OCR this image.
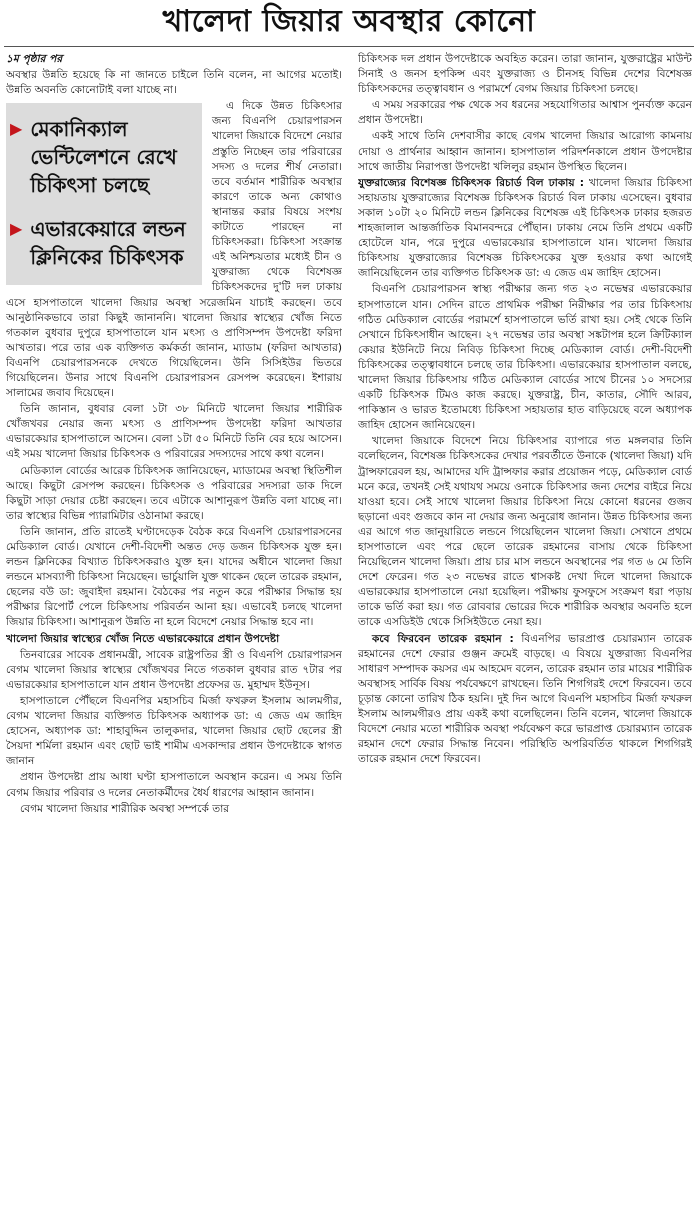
খালেদা জিয়ার অবস্থার কোনো

১ম পৃষ্ঠার পর

অবস্থার উন্নতি হয়েছে কি না জানতে চাইলে তিনি বলেন, না আগের মতোই। উন্নতি অবনতি কোনোটাই বলা যাচ্ছে না।

▶ মেকানিক্যাল ভেন্টিলেশনে রেখে চিকিৎসা চলছে
▶ এভারকেয়ারে লন্ডন ক্লিনিকের চিকিৎসক

এ দিকে উন্নত চিকিৎসার জন্য বিএনপি চেয়ারপারসন খালেদা জিয়াকে বিদেশে নেয়ার প্রস্তুতি নিচ্ছেন তার পরিবারের সদস্য ও দলের শীর্ষ নেতারা। তবে বর্তমান শারীরিক অবস্থার কারণে তাকে অন্য কোথাও স্থানান্তর করার বিষয়ে সংশয় কাটাতে পারছেন না চিকিৎসকরা। চিকিৎসা সংক্রান্ত এই অনিশ্চয়তার মধ্যেই চীন ও যুক্তরাজ্য থেকে বিশেষজ্ঞ চিকিৎসকদের দু'টি দল ঢাকায় এসে হাসপাতালে খালেদা জিয়ার অবস্থা সরেজমিন যাচাই করছেন। তবে আনুষ্ঠানিকভাবে তারা কিছুই জানাননি। খালেদা জিয়ার স্বাস্থ্যের খোঁজ নিতে গতকাল বুধবার দুপুরে হাসপাতালে যান মৎস্য ও প্রাণিসম্পদ উপদেষ্টা ফরিদা আখতার। পরে তার এক ব্যক্তিগত কর্মকর্তা জানান, ম্যাডাম (ফরিদা আখতার) বিএনপি চেয়ারপারসনকে দেখতে গিয়েছিলেন। উনি সিসিইউর ভিতরে গিয়েছিলেন। উনার সাথে বিএনপি চেয়ারপারসন রেসপন্স করেছেন। ইশারায় সালামের জবাব দিয়েছেন।

তিনি জানান, বুধবার বেলা ১টা ৩৮ মিনিটে খালেদা জিয়ার শারীরিক খোঁজখবর নেয়ার জন্য মৎস্য ও প্রাণিসম্পদ উপদেষ্টা ফরিদা আখতার এভারকেয়ার হাসপাতালে আসেন। বেলা ১টা ৫০ মিনিটে তিনি বের হয়ে আসেন। এই সময় খালেদা জিয়ার চিকিৎসক ও পরিবারের সদস্যদের সাথে কথা বলেন।

মেডিক্যাল বোর্ডের আরেক চিকিৎসক জানিয়েছেন, ম্যাডামের অবস্থা স্থিতিশীল আছে। কিছুটা রেসপন্স করছেন। চিকিৎসক ও পরিবারের সদস্যরা ডাক দিলে কিছুটা সাড়া দেয়ার চেষ্টা করছেন। তবে এটাকে আশানুরূপ উন্নতি বলা যাচ্ছে না। তার স্বাস্থ্যের বিভিন্ন প্যারামিটার ওঠানামা করছে।

তিনি জানান, প্রতি রাতেই ঘণ্টাদেড়েক বৈঠক করে বিএনপি চেয়ারপারসনের মেডিক্যাল বোর্ড। যেখানে দেশী-বিদেশী অন্তত দেড় ডজন চিকিৎসক যুক্ত হন। লন্ডন ক্লিনিকের বিখ্যাত চিকিৎসকরাও যুক্ত হন। যাদের অধীনে খালেদা জিয়া লন্ডনে মাসব্যাপী চিকিৎসা নিয়েছেন। ভার্চুয়ালি যুক্ত থাকেন ছেলে তারেক রহমান, ছেলের বউ ডা: জুবাইদা রহমান। বৈঠকের পর নতুন করে পরীক্ষার সিদ্ধান্ত হয় পরীক্ষার রিপোর্ট পেলে চিকিৎসায় পরিবর্তন আনা হয়। এভাবেই চলছে খালেদা জিয়ার চিকিৎসা। আশানুরূপ উন্নতি না হলে বিদেশে নেয়ার সিদ্ধান্ত হবে না।

খালেদা জিয়ার স্বাস্থ্যের খোঁজ নিতে এভারকেয়ারে প্রধান উপদেষ্টা

তিনবারের সাবেক প্রধানমন্ত্রী, সাবেক রাষ্ট্রপতির স্ত্রী ও বিএনপি চেয়ারপারসন বেগম খালেদা জিয়ার স্বাস্থ্যের খোঁজখবর নিতে গতকাল বুধবার রাত ৭টার পর এভারকেয়ার হাসপাতালে যান প্রধান উপদেষ্টা প্রফেসর ড. মুহাম্মদ ইউনূস।

হাসপাতালে পৌঁছলে বিএনপির মহাসচিব মির্জা ফখরুল ইসলাম আলমগীর, বেগম খালেদা জিয়ার ব্যক্তিগত চিকিৎসক অধ্যাপক ডা: এ জেড এম জাহিদ হোসেন, অধ্যাপক ডা: শাহাবুদ্দিন তালুকদার, খালেদা জিয়ার ছোট ছেলের স্ত্রী সৈয়দা শর্মিলা রহমান এবং ছোট ভাই শামীম এসকান্দার প্রধান উপদেষ্টাকে স্বাগত জানান

প্রধান উপদেষ্টা প্রায় আধা ঘণ্টা হাসপাতালে অবস্থান করেন। এ সময় তিনি বেগম জিয়ার পরিবার ও দলের নেতাকর্মীদের ধৈর্য ধারণের আহ্বান জানান।

বেগম খালেদা জিয়ার শারীরিক অবস্থা সম্পর্কে তার

চিকিৎসক দল প্রধান উপদেষ্টাকে অবহিত করেন। তারা জানান, যুক্তরাষ্ট্রের মাউন্ট সিনাই ও জনস হপকিন্স এবং যুক্তরাজ্য ও চীনসহ বিভিন্ন দেশের বিশেষজ্ঞ চিকিৎসকদের তত্ত্বাবধান ও পরামর্শে বেগম জিয়ার চিকিৎসা চলছে।

এ সময় সরকারের পক্ষ থেকে সব ধরনের সহযোগিতার আশ্বাস পুনর্ব্যক্ত করেন প্রধান উপদেষ্টা।

একই সাথে তিনি দেশবাসীর কাছে বেগম খালেদা জিয়ার আরোগ্য কামনায় দোয়া ও প্রার্থনার আহ্বান জানান। হাসপাতাল পরিদর্শনকালে প্রধান উপদেষ্টার সাথে জাতীয় নিরাপত্তা উপদেষ্টা খলিলুর রহমান উপস্থিত ছিলেন।

যুক্তরাজ্যের বিশেষজ্ঞ চিকিৎসক রিচার্ড বিল ঢাকায় : খালেদা জিয়ার চিকিৎসা সহায়তায় যুক্তরাজ্যের বিশেষজ্ঞ চিকিৎসক রিচার্ড বিল ঢাকায় এসেছেন। বুধবার সকাল ১০টা ২০ মিনিটে লন্ডন ক্লিনিকের বিশেষজ্ঞ এই চিকিৎসক ঢাকার হজরত শাহজালাল আন্তর্জাতিক বিমানবন্দরে পৌঁছান। ঢাকায় নেমে তিনি প্রথমে একটি হোটেলে যান, পরে দুপুরে এভারকেয়ার হাসপাতালে যান। খালেদা জিয়ার চিকিৎসায় যুক্তরাজ্যের বিশেষজ্ঞ চিকিৎসকের যুক্ত হওয়ার কথা আগেই জানিয়েছিলেন তার ব্যক্তিগত চিকিৎসক ডা: এ জেড এম জাহিদ হোসেন।

বিএনপি চেয়ারপারসন স্বাস্থ্য পরীক্ষার জন্য গত ২৩ নভেম্বর এভারকেয়ার হাসপাতালে যান। সেদিন রাতে প্রাথমিক পরীক্ষা নিরীক্ষার পর তার চিকিৎসায় গঠিত মেডিক্যাল বোর্ডের পরামর্শে হাসপাতালে ভর্তি রাখা হয়। সেই থেকে তিনি সেখানে চিকিৎসাধীন আছেন। ২৭ নভেম্বর তার অবস্থা সঙ্কটাপন্ন হলে ক্রিটিক্যাল কেয়ার ইউনিটে নিয়ে নিবিড় চিকিৎসা দিচ্ছে মেডিক্যাল বোর্ড। দেশী-বিদেশী চিকিৎসকের তত্ত্বাবধানে চলছে তার চিকিৎসা। এভারকেয়ার হাসপাতাল বলছে, খালেদা জিয়ার চিকিৎসায় গঠিত মেডিক্যাল বোর্ডের সাথে চীনের ১০ সদস্যের একটি চিকিৎসক টিমও কাজ করছে। যুক্তরাষ্ট্র, চীন, কাতার, সৌদি আরব, পাকিস্তান ও ভারত ইতোমধ্যে চিকিৎসা সহায়তার হাত বাড়িয়েছে বলে অধ্যাপক জাহিদ হোসেন জানিয়েছেন।

খালেদা জিয়াকে বিদেশে নিয়ে চিকিৎসার ব্যাপারে গত মঙ্গলবার তিনি বলেছিলেন, বিশেষজ্ঞ চিকিৎসকের দেখার পরবর্তীতে উনাকে (খালেদা জিয়া) যদি ট্রান্সফারেবল হয়, আমাদের যদি ট্রান্সফার করার প্রয়োজন পড়ে, মেডিক্যাল বোর্ড মনে করে, তখনই সেই যথাযথ সময়ে ওনাকে চিকিৎসার জন্য দেশের বাইরে নিয়ে যাওয়া হবে। সেই সাথে খালেদা জিয়ার চিকিৎসা নিয়ে কোনো ধরনের গুজব ছড়ানো এবং গুজবে কান না দেয়ার জন্য অনুরোধ জানান। উন্নত চিকিৎসার জন্য এর আগে গত জানুয়ারিতে লন্ডনে গিয়েছিলেন খালেদা জিয়া। সেখানে প্রথমে হাসপাতালে এবং পরে ছেলে তারেক রহমানের বাসায় থেকে চিকিৎসা নিয়েছিলেন খালেদা জিয়া। প্রায় চার মাস লন্ডনে অবস্থানের পর গত ৬ মে তিনি দেশে ফেরেন। গত ২৩ নভেম্বর রাতে শ্বাসকষ্ট দেখা দিলে খালেদা জিয়াকে এভারকেয়ার হাসপাতালে নেয়া হয়েছিল। পরীক্ষায় ফুসফুসে সংক্রমণ ধরা পড়ায় তাকে ভর্তি করা হয়। গত রোববার ভোরের দিকে শারীরিক অবস্থার অবনতি হলে তাকে এসডিইউ থেকে সিসিইউতে নেয়া হয়।

কবে ফিরবেন তারেক রহমান : বিএনপির ভারপ্রাপ্ত চেয়ারম্যান তারেক রহমানের দেশে ফেরার গুঞ্জন ক্রমেই বাড়ছে। এ বিষয়ে যুক্তরাজ্য বিএনপির সাধারণ সম্পাদক কয়সর এম আহমেদ বলেন, তারেক রহমান তার মায়ের শারীরিক অবস্থাসহ সার্বিক বিষয় পর্যবেক্ষণে রাখছেন। তিনি শিগগিরই দেশে ফিরবেন। তবে চূড়ান্ত কোনো তারিখ ঠিক হয়নি। দুই দিন আগে বিএনপি মহাসচিব মির্জা ফখরুল ইসলাম আলমগীরও প্রায় একই কথা বলেছিলেন। তিনি বলেন, খালেদা জিয়াকে বিদেশে নেয়ার মতো শারীরিক অবস্থা পর্যবেক্ষণ করে ভারপ্রাপ্ত চেয়ারম্যান তারেক রহমান দেশে ফেরার সিদ্ধান্ত নিবেন। পরিস্থিতি অপরিবর্তিত থাকলে শিগগিরই তারেক রহমান দেশে ফিরবেন।
